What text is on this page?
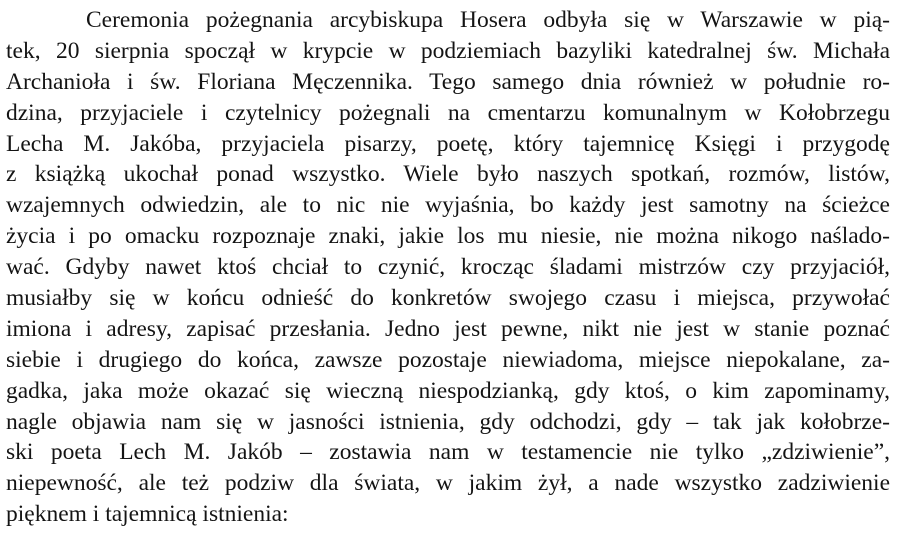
Ceremonia pożegnania arcybiskupa Hosera odbyła się w Warszawie w pią-
tek, 20 sierpnia spoczął w krypcie w podziemiach bazyliki katedralnej św. Michała
Archanioła i św. Floriana Męczennika. Tego samego dnia również w południe ro-
dzina, przyjaciele i czytelnicy pożegnali na cmentarzu komunalnym w Kołobrzegu
Lecha M. Jakóba, przyjaciela pisarzy, poetę, który tajemnicę Księgi i przygodę
z książką ukochał ponad wszystko. Wiele było naszych spotkań, rozmów, listów,
wzajemnych odwiedzin, ale to nic nie wyjaśnia, bo każdy jest samotny na ścieżce
życia i po omacku rozpoznaje znaki, jakie los mu niesie, nie można nikogo naślado-
wać. Gdyby nawet ktoś chciał to czynić, krocząc śladami mistrzów czy przyjaciół,
musiałby się w końcu odnieść do konkretów swojego czasu i miejsca, przywołać
imiona i adresy, zapisać przesłania. Jedno jest pewne, nikt nie jest w stanie poznać
siebie i drugiego do końca, zawsze pozostaje niewiadoma, miejsce niepokalane, za-
gadka, jaka może okazać się wieczną niespodzianką, gdy ktoś, o kim zapominamy,
nagle objawia nam się w jasności istnienia, gdy odchodzi, gdy – tak jak kołobrze-
ski poeta Lech M. Jakób – zostawia nam w testamencie nie tylko „zdziwienie”,
niepewność, ale też podziw dla świata, w jakim żył, a nade wszystko zadziwienie
pięknem i tajemnicą istnienia:
